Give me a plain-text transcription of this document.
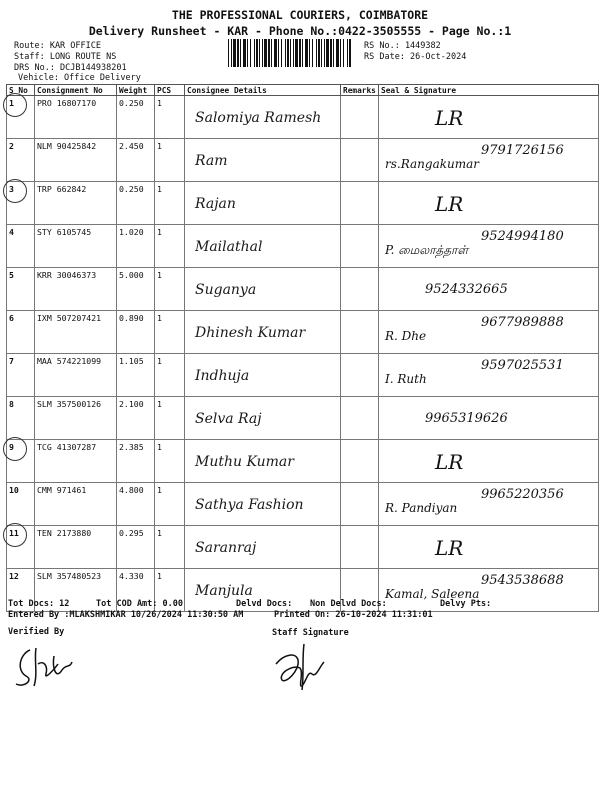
THE PROFESSIONAL COURIERS, COIMBATORE
Delivery Runsheet - KAR - Phone No.:0422-3505555 - Page No.:1
Route: KAR OFFICE
Staff: LONG ROUTE NS
DRS No.: DCJB144938201
Vehicle: Office Delivery
RS No.: 1449382
RS Date: 26-Oct-2024
S No	Consignment No	Weight	PCS	Consignee Details	Remarks	Seal & Signature

1	PRO 16807170	0.250	1	Salomiya Ramesh		LR

2	NLM 90425842	2.450	1	Ram		rs.Rangakumar
9791726156

3	TRP 662842	0.250	1	Rajan		LR

4	STY 6105745	1.020	1	Mailathal		P. மைலாத்தாள்
9524994180

5	KRR 30046373	5.000	1	Suganya		9524332665

6	IXM 507207421	0.890	1	Dhinesh Kumar		R. Dhe
9677989888

7	MAA 574221099	1.105	1	Indhuja		I. Ruth
9597025531

8	SLM 357500126	2.100	1	Selva Raj		9965319626

9	TCG 41307287	2.385	1	Muthu Kumar		LR

10	CMM 971461	4.800	1	Sathya Fashion		R. Pandiyan
9965220356

11	TEN 2173880	0.295	1	Saranraj		LR

12	SLM 357480523	4.330	1	Manjula		Kamal, Saleena
9543538688
Tot Docs: 12	Tot COD Amt: 0.00	Delvd Docs: Non Delvd Docs:	Delvy Pts:
Entered By :MLAKSHMIKAR 10/26/2024 11:30:50 AM	Printed On: 26-10-2024 11:31:01
Verified By	Staff Signature
